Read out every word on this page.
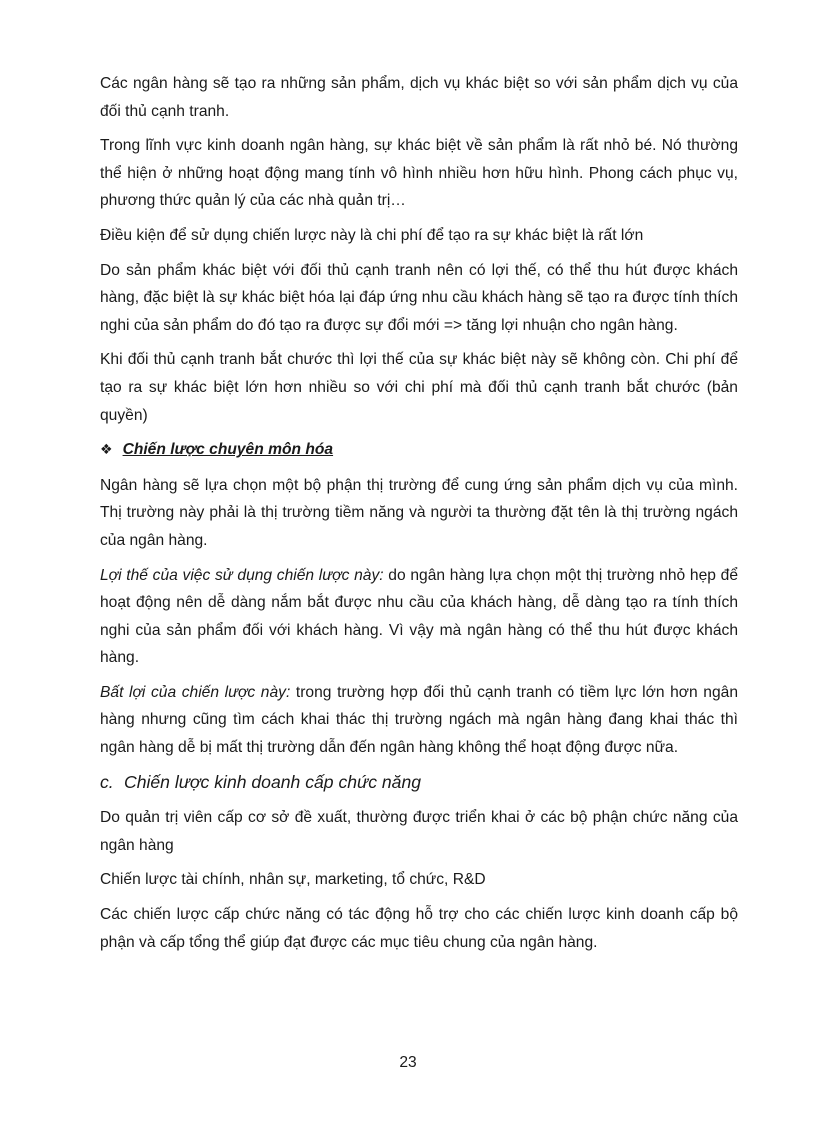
Các ngân hàng sẽ tạo ra những sản phẩm, dịch vụ khác biệt so với sản phẩm dịch vụ của đối thủ cạnh tranh.

Trong lĩnh vực kinh doanh ngân hàng, sự khác biệt về sản phẩm là rất nhỏ bé. Nó thường thể hiện ở những hoạt động mang tính vô hình nhiều hơn hữu hình. Phong cách phục vụ, phương thức quản lý của các nhà quản trị…

Điều kiện để sử dụng chiến lược này là chi phí để tạo ra sự khác biệt là rất lớn

Do sản phẩm khác biệt với đối thủ cạnh tranh nên có lợi thế, có thể thu hút được khách hàng, đặc biệt là sự khác biệt hóa lại đáp ứng nhu cầu khách hàng sẽ tạo ra được tính thích nghi của sản phẩm do đó tạo ra được sự đổi mới => tăng lợi nhuận cho ngân hàng.

Khi đối thủ cạnh tranh bắt chước thì lợi thế của sự khác biệt này sẽ không còn. Chi phí để tạo ra sự khác biệt lớn hơn nhiều so với chi phí mà đối thủ cạnh tranh bắt chước (bản quyền)

❖ Chiến lược chuyên môn hóa

Ngân hàng sẽ lựa chọn một bộ phận thị trường để cung ứng sản phẩm dịch vụ của mình. Thị trường này phải là thị trường tiềm năng và người ta thường đặt tên là thị trường ngách của ngân hàng.

Lợi thế của việc sử dụng chiến lược này: do ngân hàng lựa chọn một thị trường nhỏ hẹp để hoạt động nên dễ dàng nắm bắt được nhu cầu của khách hàng, dễ dàng tạo ra tính thích nghi của sản phẩm đối với khách hàng. Vì vậy mà ngân hàng có thể thu hút được khách hàng.

Bất lợi của chiến lược này: trong trường hợp đối thủ cạnh tranh có tiềm lực lớn hơn ngân hàng nhưng cũng tìm cách khai thác thị trường ngách mà ngân hàng đang khai thác thì ngân hàng dễ bị mất thị trường dẫn đến ngân hàng không thể hoạt động được nữa.

c. Chiến lược kinh doanh cấp chức năng

Do quản trị viên cấp cơ sở đề xuất, thường được triển khai ở các bộ phận chức năng của ngân hàng

Chiến lược tài chính, nhân sự, marketing, tổ chức, R&D

Các chiến lược cấp chức năng có tác động hỗ trợ cho các chiến lược kinh doanh cấp bộ phận và cấp tổng thể giúp đạt được các mục tiêu chung của ngân hàng.

23
